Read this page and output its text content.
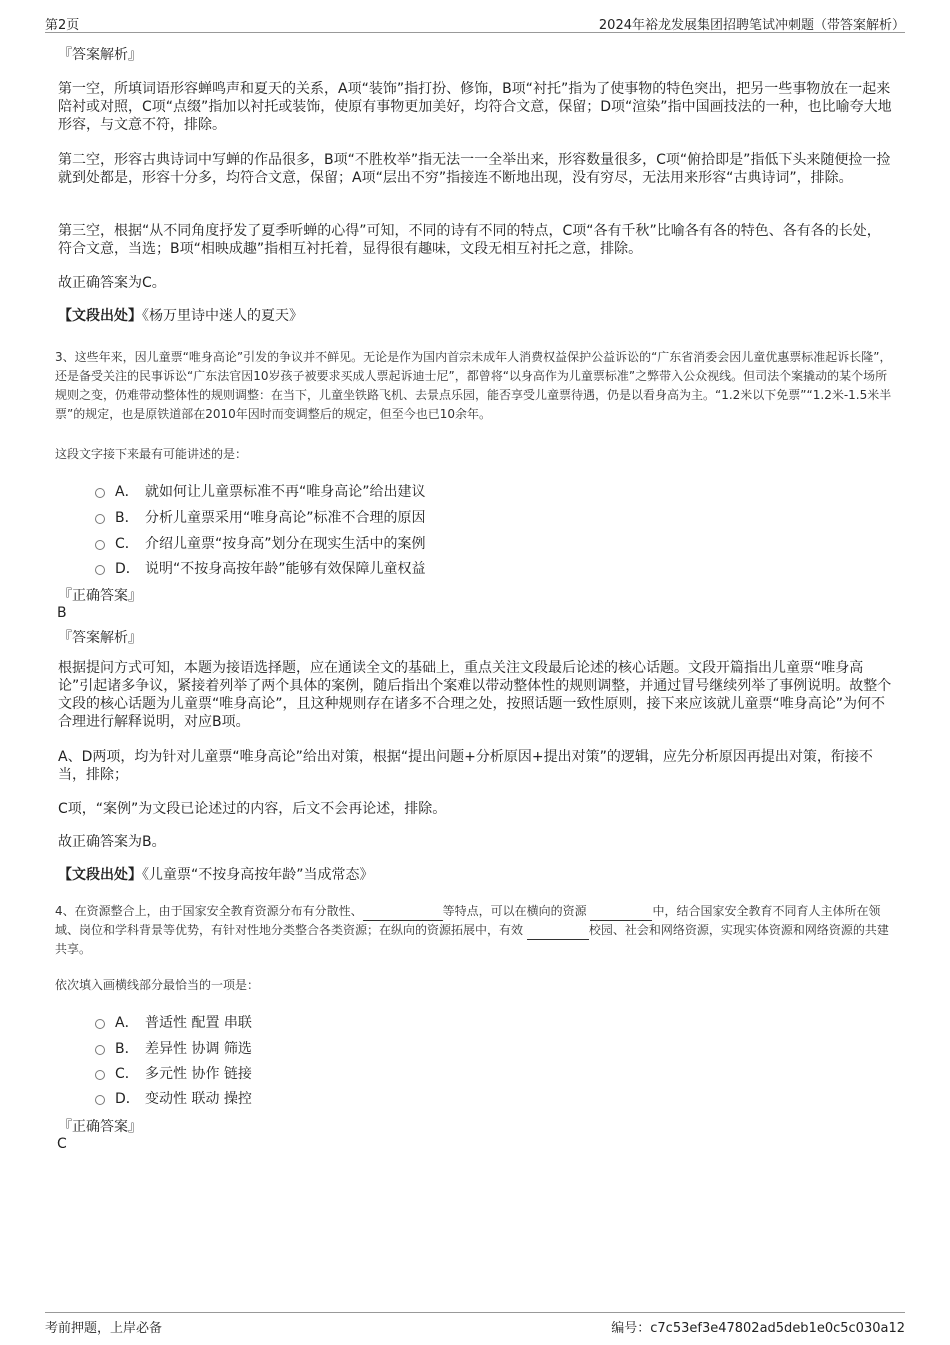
第2页	2024年裕龙发展集团招聘笔试冲刺题（带答案解析）
『答案解析』

第一空，所填词语形容蝉鸣声和夏天的关系，A项“装饰”指打扮、修饰，B项“衬托”指为了使事物的特色突出，把另一些事物放在一起来陪衬或对照，C项“点缀”指加以衬托或装饰，使原有事物更加美好，均符合文意，保留；D项“渲染”指中国画技法的一种，也比喻夸大地形容，与文意不符，排除。

第二空，形容古典诗词中写蝉的作品很多，B项“不胜枚举”指无法一一全举出来，形容数量很多，C项“俯拾即是”指低下头来随便捡一捡就到处都是，形容十分多，均符合文意，保留；A项“层出不穷”指接连不断地出现，没有穷尽，无法用来形容“古典诗词”，排除。

第三空，根据“从不同角度抒发了夏季听蝉的心得”可知，不同的诗有不同的特点，C项“各有千秋”比喻各有各的特色、各有各的长处，符合文意，当选；B项“相映成趣”指相互衬托着，显得很有趣味，文段无相互衬托之意，排除。

故正确答案为C。

【文段出处】《杨万里诗中迷人的夏天》
3、这些年来，因儿童票“唯身高论”引发的争议并不鲜见。无论是作为国内首宗未成年人消费权益保护公益诉讼的“广东省消委会因儿童优惠票标准起诉长隆”，还是备受关注的民事诉讼“广东法官因10岁孩子被要求买成人票起诉迪士尼”，都曾将“以身高作为儿童票标准”之弊带入公众视线。但司法个案撬动的某个场所规则之变，仍难带动整体性的规则调整：在当下，儿童坐铁路飞机、去景点乐园，能否享受儿童票待遇，仍是以看身高为主。“1.2米以下免票”“1.2米-1.5米半票”的规定，也是原铁道部在2010年因时而变调整后的规定，但至今也已10余年。
这段文字接下来最有可能讲述的是：
A． 就如何让儿童票标准不再“唯身高论”给出建议
B． 分析儿童票采用“唯身高论”标准不合理的原因
C． 介绍儿童票“按身高”划分在现实生活中的案例
D． 说明“不按身高按年龄”能够有效保障儿童权益
『正确答案』
B
『答案解析』

根据提问方式可知，本题为接语选择题，应在通读全文的基础上，重点关注文段最后论述的核心话题。文段开篇指出儿童票“唯身高论”引起诸多争议，紧接着列举了两个具体的案例，随后指出个案难以带动整体性的规则调整，并通过冒号继续列举了事例说明。故整个文段的核心话题为儿童票“唯身高论”，且这种规则存在诸多不合理之处，按照话题一致性原则，接下来应该就儿童票“唯身高论”为何不合理进行解释说明，对应B项。

A、D两项，均为针对儿童票“唯身高论”给出对策，根据“提出问题+分析原因+提出对策”的逻辑，应先分析原因再提出对策，衔接不当，排除；

C项，“案例”为文段已论述过的内容，后文不会再论述，排除。

故正确答案为B。

【文段出处】《儿童票“不按身高按年龄”当成常态》
4、在资源整合上，由于国家安全教育资源分布有分散性、	等特点，可以在横向的资源	中，结合国家安全教育不同育人主体所在领域、岗位和学科背景等优势，有针对性地分类整合各类资源；在纵向的资源拓展中，有效	校园、社会和网络资源，实现实体资源和网络资源的共建共享。
依次填入画横线部分最恰当的一项是：
A． 普适性 配置 串联
B． 差异性 协调 筛选
C． 多元性 协作 链接
D． 变动性 联动 操控
『正确答案』
C
考前押题，上岸必备	编号：c7c53ef3e47802ad5deb1e0c5c030a12
